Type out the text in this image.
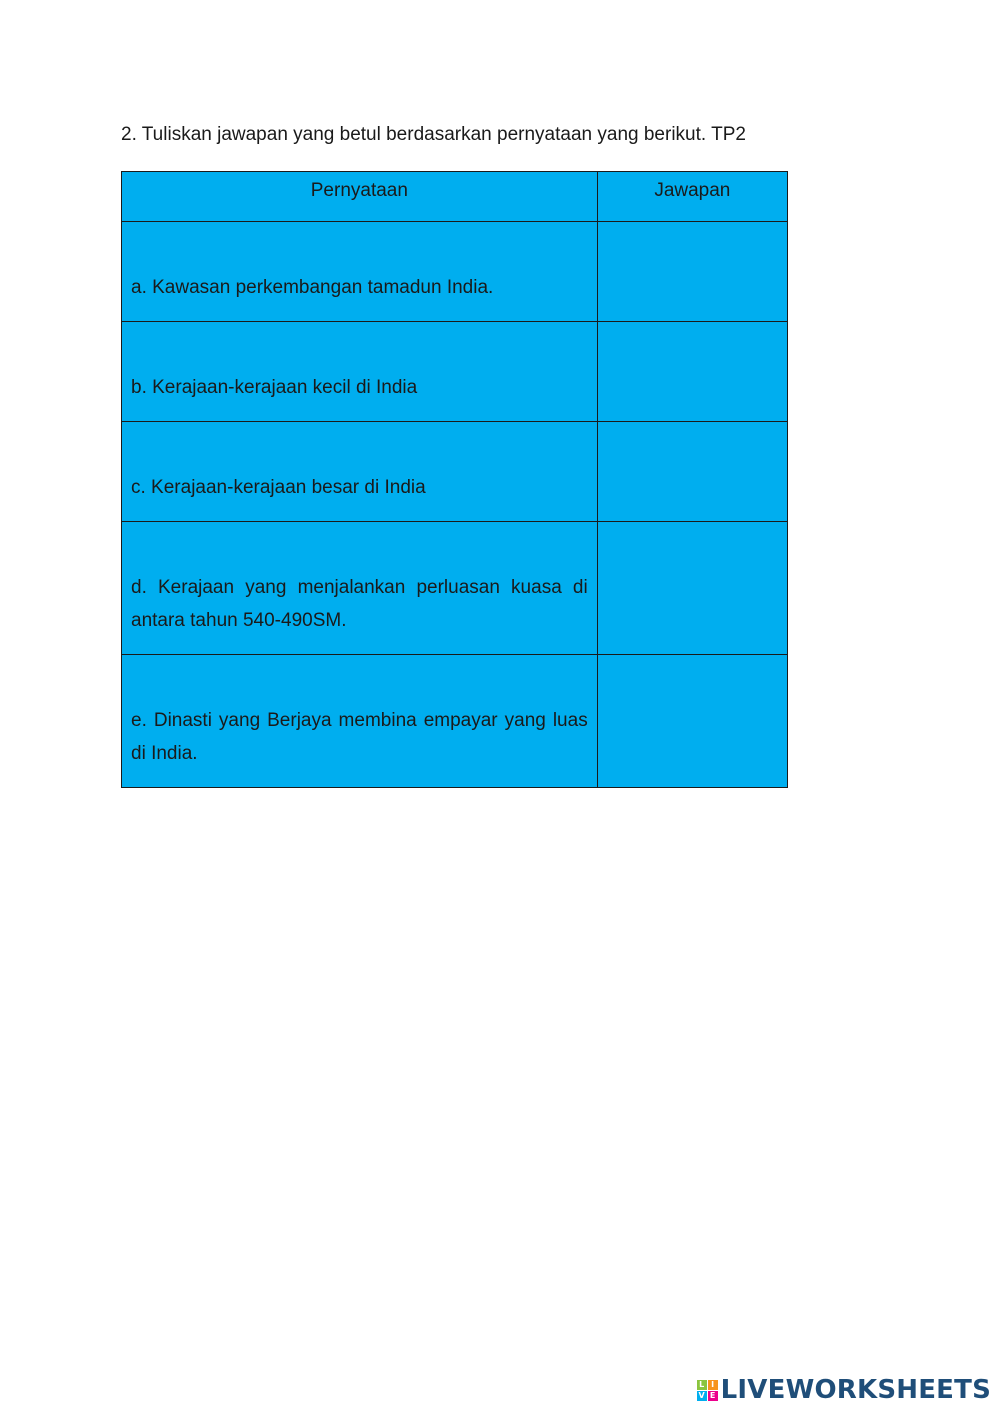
2. Tuliskan jawapan yang betul berdasarkan pernyataan yang berikut. TP2
Pernyataan	Jawapan

a. Kawasan perkembangan tamadun India.	

b. Kerajaan-kerajaan kecil di India	

c. Kerajaan-kerajaan besar di India	

d. Kerajaan yang menjalankan perluasan kuasa di antara tahun 540-490SM.	

e. Dinasti yang Berjaya membina empayar yang luas di India.	
L I
V E LIVEWORKSHEETS
